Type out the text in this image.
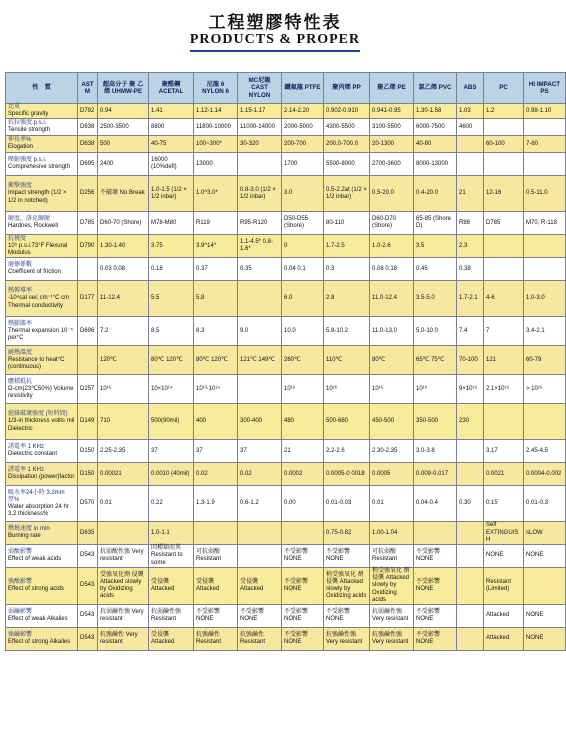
工程塑膠特性表
PRODUCTS & PROPER
性　質	ASTM	超高分子 聚 乙 烯 UHMW-PE	聚醛鋼 ACETAL	尼龍 6 NYLON 6	MC尼龍 CAST NYLON	鐵氟龍 PTFE	聚丙烯 PP	聚乙烯 PE	氯乙烯 PVC	ABS	PC	HI IMPACT PS

比重
Specific gravity	D792	0.94	1.41	1.12-1.14	1.15-1.17	2.14-2.20	0.902-0.910	0.941-0.95	1.30-1.58	1.03	1.2	0.98-1.10

抗拉強度 p.s.i.
Tensile strength	D638	2500-3500	8800	11800-10000	11000-14000	2000-5000	4300-5500	3100-5500	6000-7500	4600		

伸長率%
Elogation	D638	500	40-75	100~300*	30-320	200-700	200.0-700.0	20-1300	40-80		60-100	7-60

壓縮強度 p.s.i.
Comprehesive strength	D695	2400	16000 (10%defl)	13000		1700	5500-8000	2700-3600	8000-13000			

衝擊強度
Impact strength (1/2 × 1/2 in notched)	D256	不破壞 No Break	1.0-1.5 (1/2 × 1/2 inbar)	1.0^3.0*	0.8-3.0 (1/2 × 1/2 inbar)	3.0	0.5-2.2at (1/2 × 1/2 inbar)	0.5-20.0	0.4-20.0	21	12-16	0.5-11.0

硬度，洛克爾硬
Hardnes, Rockwell	D785	D60-70 (Shore)	M78-M80	R119	R95-R120	D50-D55 (Shore)	80-110	D60-D70 (Shore)	65-85 (Shore D)	R86	D785	M70, R-118

抗撓度
10⁵ p.s.i.73°F Flexural Modulus	D790	1.30-1.40	3.75	3.9^14*	1.1-4.5* 0.8-1.6*	0	1.7-2.5	1.0-2.6	3.5	2.3		

磨擦係數
Coefficent of friction		0.03 0.08	0.18	0.37	0.35	0.04 0.1	0.3	0.08 0.18	0.45	0.38		

熱傳導率
-10⁴cal sec cm⁻¹°C cm Thermal conductivity	D177	11-12.4	5.5	5.8		6.0	2.8	11.0-12.4	3.5-5.0	1.7-2.1	4-6	1.0-3.0

熱膨脹率
Thermal expansion 10⁻⁵ per°C	D696	7.2	8.5	8.3	9.0	10.0	5.8-10.2	11.0-13.0	5.0-10.0	7.4	7	3.4-2.1

耐熱溫度
Resistance to heat°C (continuous)		120℃	80℃ 120℃	80℃ 120℃	121℃ 149℃	260℃	110℃	80℃	65℃ 75℃	70-100	121	60-79

體積抵抗
Ω-cm(23℃50%) Volume resistivity	D257	10¹⁶	10×10¹⁴	10¹³-10¹⁴		10¹⁸	10¹⁶	10¹⁶	10¹⁶	9×10¹⁶	2.1×10¹⁶	> 10¹⁶

絕緣破壞強度 (短時間)
1/3-in thickness volits mil Dielectric	D149	710	500(90mil)	400	300-400	480	500-680	450-500	350-500	230		

誘電率 1 KHz
Dielectric constant	D150	2.25-2.35	37	37	37	21	2.2-2.6	2.30-2.35	3.0-3.8		3.17	2.45-4.5

誘電率 1 KHz
Dissipation (power)factor	D150	0.00021	0.0010 (40mil)	0.02	0.02	0.0002	0.0005-0 0018	0.0005	0.009-0.017		0.0021	0.0004-0.002

吸水率24小時 3.2mm厚%
Water absorption 24 hr 3.2 thickness%	D570	0.01	0.22	1.3-1.9	0.6-1.2	0.00	0.01-0.03	0.01	0.04-0.4	0.30	0.15	0.01-0.3

燃燒速度 in min
Burning rate	D635		1.0-1.1				0.75-0.82	1.00-1.04			Self EXTINGUISH	sLOW

弱酸影響
Effect of weak acids	D543	抗弱酸性強 Very resistant	因種類而異 Resistant to some	可抗弱酸 Resistant		不受影響 NONE	不受影響 NONE	可抗弱酸 Resistant	不受影響 NONE		NONE	NONE

強酸影響
Effect of strong acids	D543	受強氧化劑 侵襲 Attacked slowly by Oxidizing acids	受侵襲 Attacked	受侵襲 Attacked	受侵襲 Attacked	不受影響 NONE	稍受強氧化 劑侵襲 Attacked slowly by Oxidizing acids	稍受強氧化 劑侵襲 Attacked slowly by Oxidizing acids	不受影響 NONE		Resistant (Limited)	

弱鹼影響
Effect of weak Alkalies	D543	抗弱鹼性強 Very resistant	抗弱鹼性強 Resistant	不受影響 NONE	不受影響 NONE	不受影響 NONE	不受影響 NONE	抗弱鹼性強 Very resistant	不受影響 NONE		Attacked	NONE

強鹼影響
Effect of strong Alkailes	D543	抗強鹼性 Very resistant	受侵襲 Attacked	抗強鹼性 Resistant	抗強鹼性 Resistant	不受影響 NONE	抗強鹼性強 Very resistant	抗強鹼性強 Very resistant	不受影響 NONE		Attacked	NONE
